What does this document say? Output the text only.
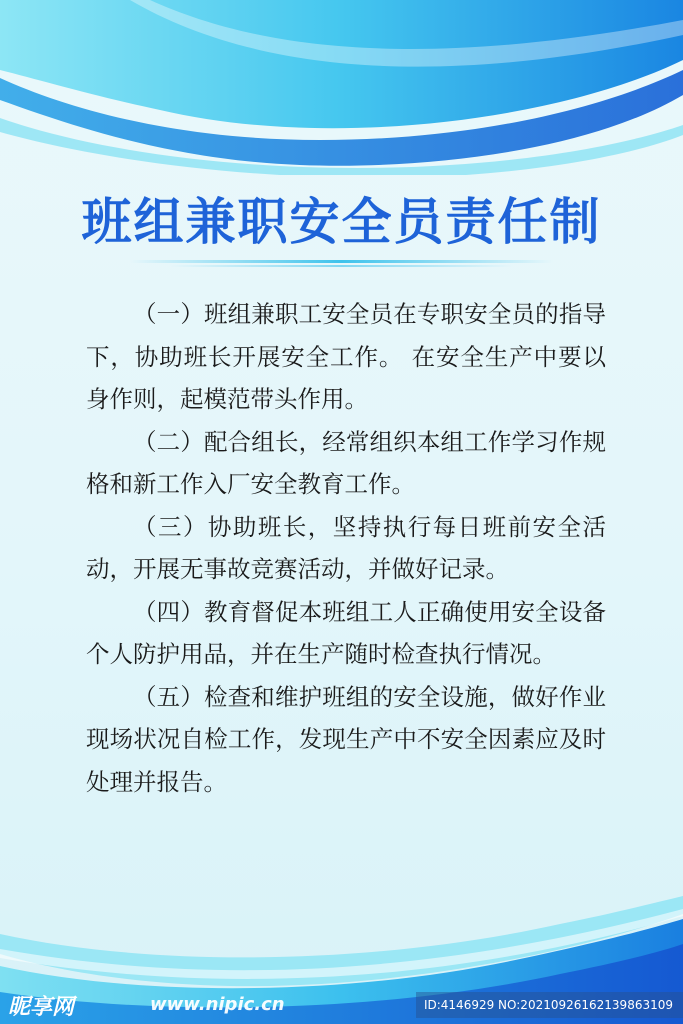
班组兼职安全员责任制

（一）班组兼职工安全员在专职安全员的指导下，协助班长开展安全工作。 在安全生产中要以身作则，起模范带头作用。

（二）配合组长，经常组织本组工作学习作规格和新工作入厂安全教育工作。

（三）协助班长，坚持执行每日班前安全活动，开展无事故竞赛活动，并做好记录。

（四）教育督促本班组工人正确使用安全设备个人防护用品，并在生产随时检查执行情况。

（五）检查和维护班组的安全设施，做好作业现场状况自检工作，发现生产中不安全因素应及时处理并报告。

昵享网	www.nipic.cn	ID:4146929 NO:20210926162139863109
